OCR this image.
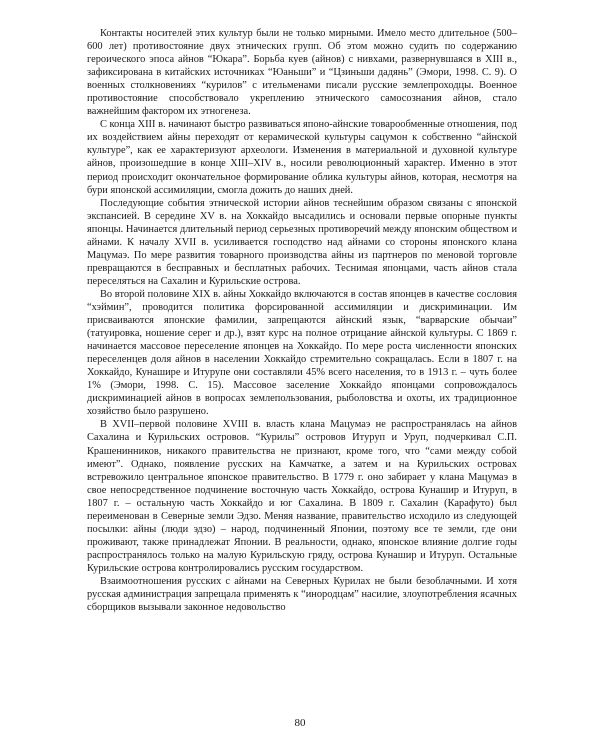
Контакты носителей этих культур были не только мирными. Имело место длительное (500–600 лет) противостояние двух этнических групп. Об этом можно судить по содержанию героического эпоса айнов “Юкара”. Борьба куев (айнов) с нивхами, развернувшаяся в XIII в., зафиксирована в китайских источниках “Юаньши” и “Цзиньши дадянь” (Эмори, 1998. С. 9). О военных столкновениях “курилов” с ительменами писали русские землепроходцы. Военное противостояние способствовало укреплению этнического самосознания айнов, стало важнейшим фактором их этногенеза.

С конца XIII в. начинают быстро развиваться японо-айнские товарообменные отношения, под их воздействием айны переходят от керамической культуры сацумон к собственно “айнской культуре”, как ее характеризуют археологи. Изменения в материальной и духовной культуре айнов, произошедшие в конце XIII–XIV в., носили революционный характер. Именно в этот период происходит окончательное формирование облика культуры айнов, которая, несмотря на бури японской ассимиляции, смогла дожить до наших дней.

Последующие события этнической истории айнов теснейшим образом связаны с японской экспансией. В середине XV в. на Хоккайдо высадились и основали первые опорные пункты японцы. Начинается длительный период серьезных противоречий между японским обществом и айнами. К началу XVII в. усиливается господство над айнами со стороны японского клана Мацумаэ. По мере развития товарного производства айны из партнеров по меновой торговле превращаются в бесправных и бесплатных рабочих. Теснимая японцами, часть айнов стала переселяться на Сахалин и Курильские острова.

Во второй половине XIX в. айны Хоккайдо включаются в состав японцев в качестве сословия “хэймин”, проводится политика форсированной ассимиляции и дискриминации. Им присваиваются японские фамилии, запрещаются айнский язык, “варварские обычаи” (татуировка, ношение серег и др.), взят курс на полное отрицание айнской культуры. С 1869 г. начинается массовое переселение японцев на Хоккайдо. По мере роста численности японских переселенцев доля айнов в населении Хоккайдо стремительно сокращалась. Если в 1807 г. на Хоккайдо, Кунашире и Итурупе они составляли 45% всего населения, то в 1913 г. – чуть более 1% (Эмори, 1998. С. 15). Массовое заселение Хоккайдо японцами сопровождалось дискриминацией айнов в вопросах землепользования, рыболовства и охоты, их традиционное хозяйство было разрушено.

В XVII–первой половине XVIII в. власть клана Мацумаэ не распространялась на айнов Сахалина и Курильских островов. “Курилы” островов Итуруп и Уруп, подчеркивал С.П. Крашенинников, никакого правительства не признают, кроме того, что “сами между собой имеют”. Однако, появление русских на Камчатке, а затем и на Курильских островах встревожило центральное японское правительство. В 1779 г. оно забирает у клана Мацумаэ в свое непосредственное подчинение восточную часть Хоккайдо, острова Кунашир и Итуруп, в 1807 г. – остальную часть Хоккайдо и юг Сахалина. В 1809 г. Сахалин (Карафуто) был переименован в Северные земли Эдзо. Меняя название, правительство исходило из следующей посылки: айны (люди эдзо) – народ, подчиненный Японии, поэтому все те земли, где они проживают, также принадлежат Японии. В реальности, однако, японское влияние долгие годы распространялось только на малую Курильскую гряду, острова Кунашир и Итуруп. Остальные Курильские острова контролировались русским государством.

Взаимоотношения русских с айнами на Северных Курилах не были безоблачными. И хотя русская администрация запрещала применять к “инородцам” насилие, злоупотребления ясачных сборщиков вызывали законное недовольство

80
